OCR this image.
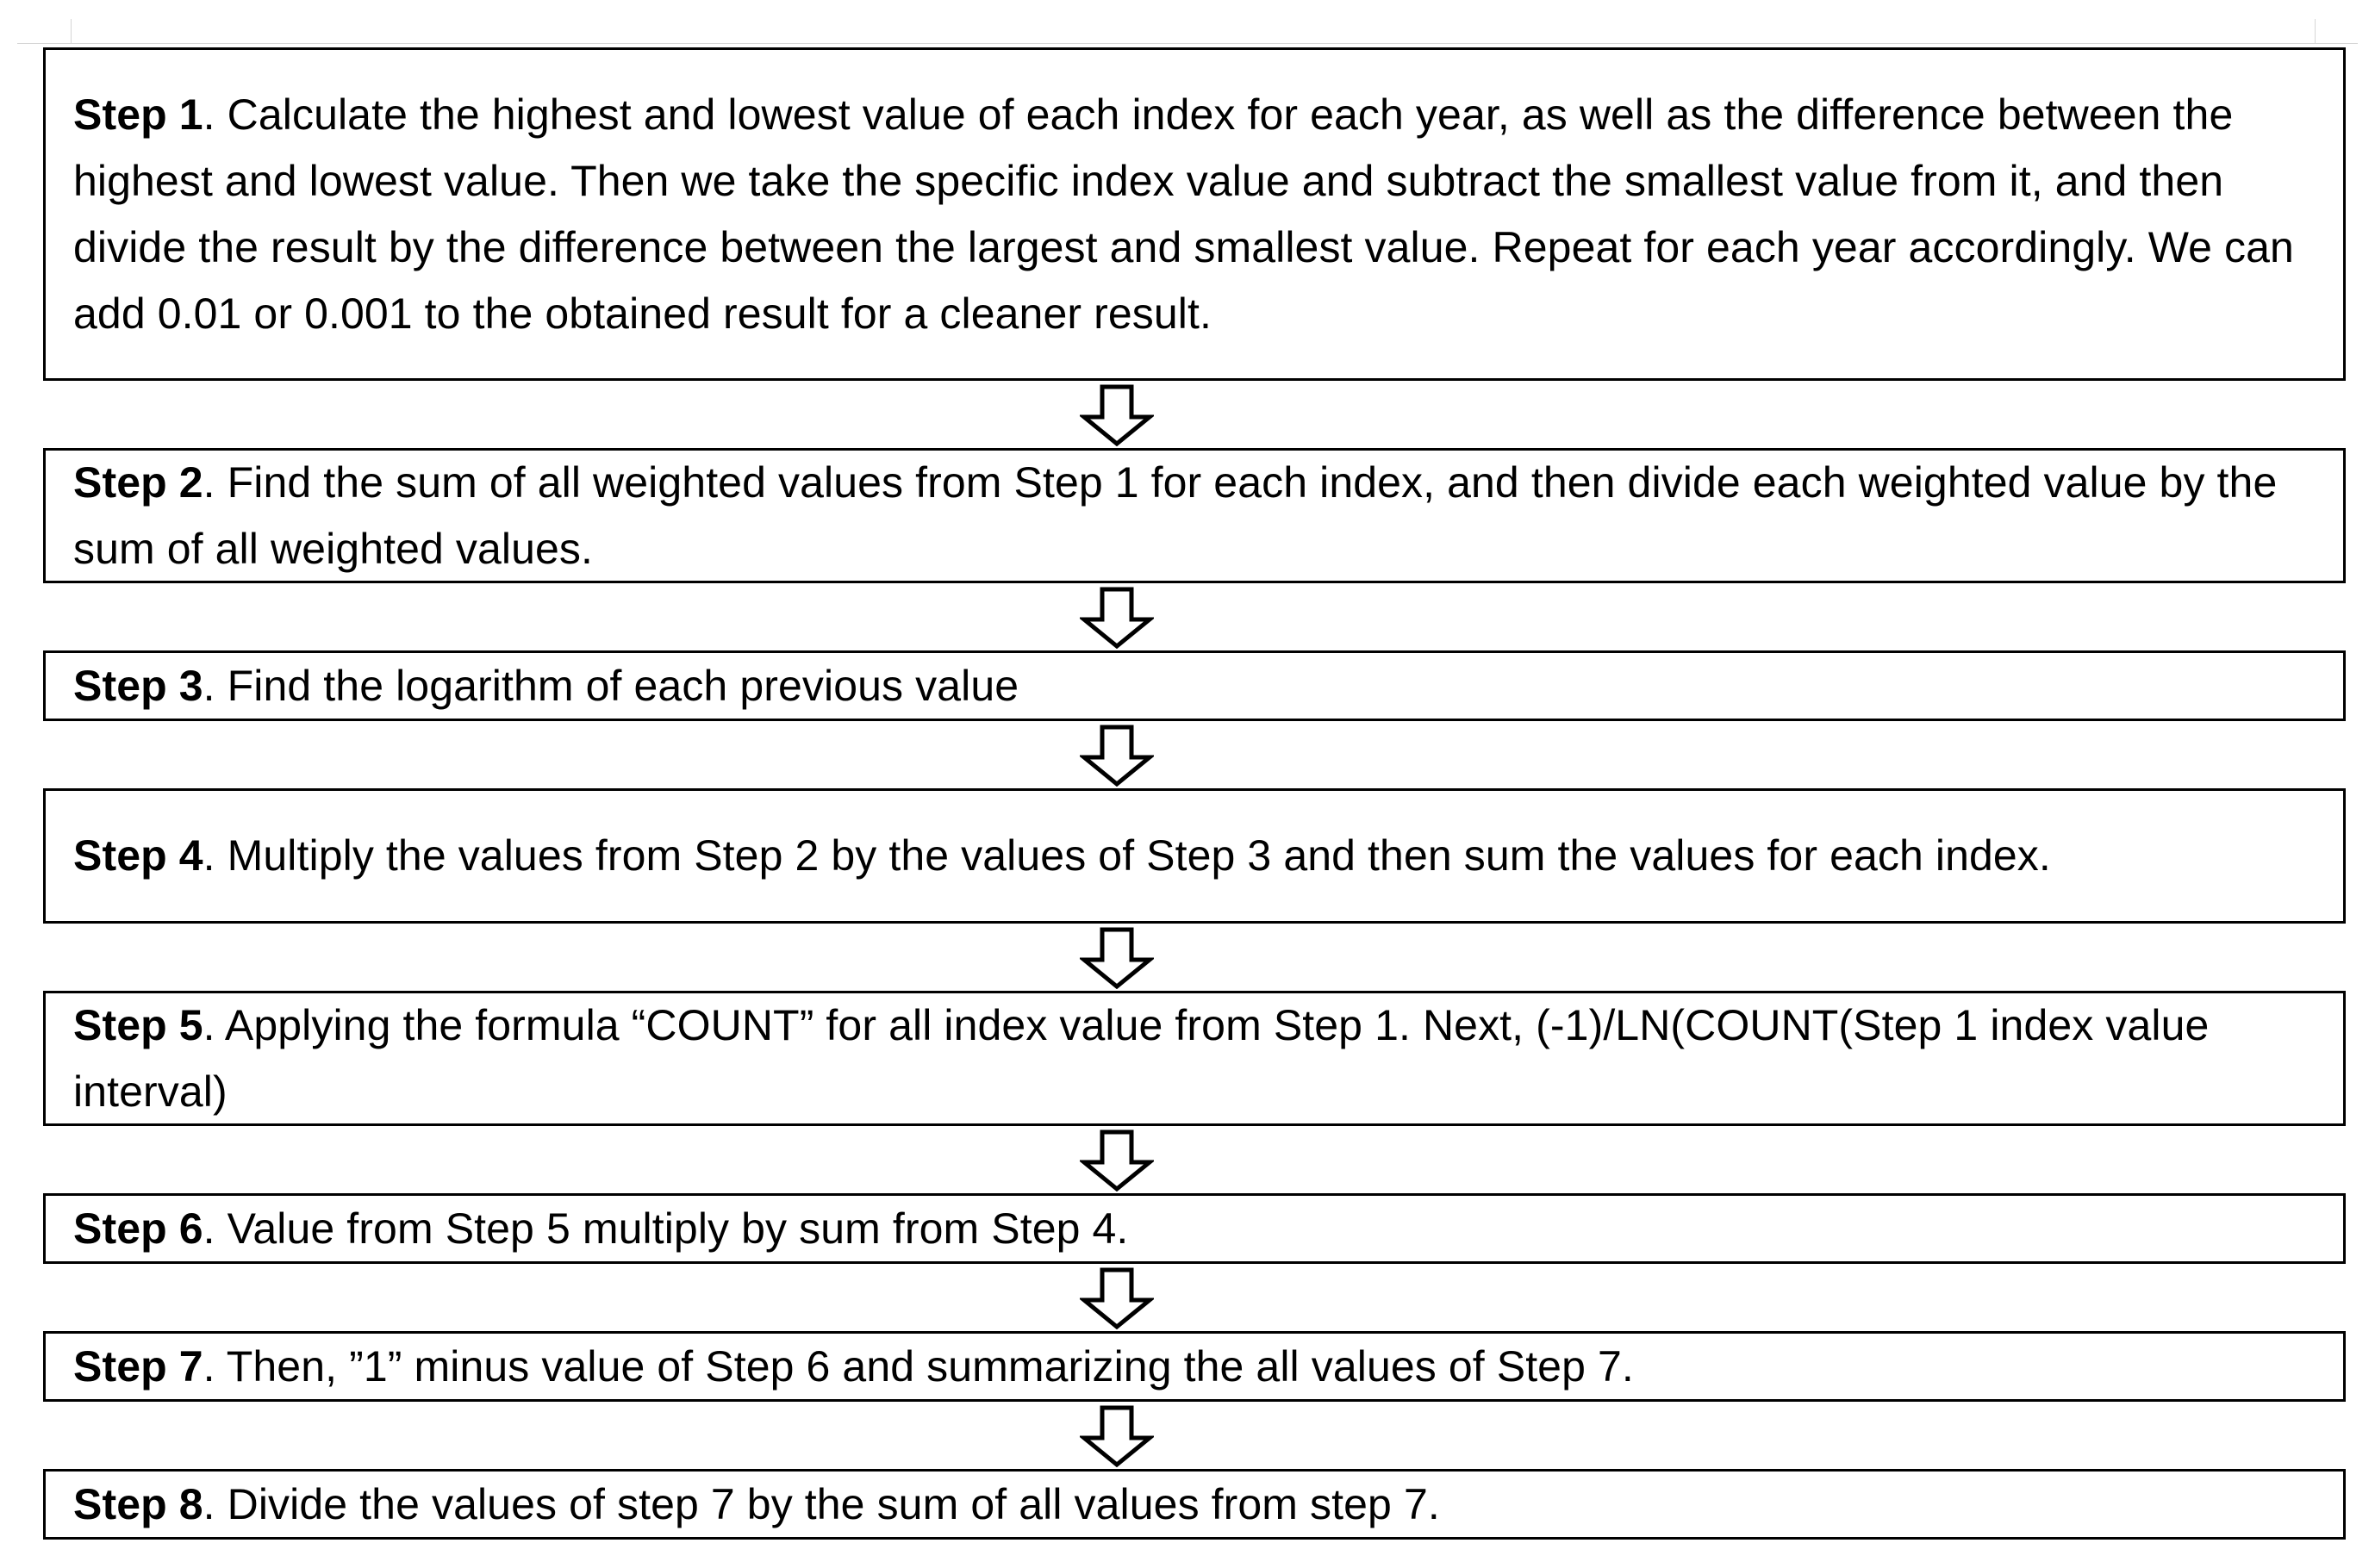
Step 1. Calculate the highest and lowest value of each index for each year, as well as the difference between the highest and lowest value. Then we take the specific index value and subtract the smallest value from it, and then divide the result by the difference between the largest and smallest value. Repeat for each year accordingly. We can add 0.01 or 0.001 to the obtained result for a cleaner result.

Step 2. Find the sum of all weighted values from Step 1 for each index, and then divide each weighted value by the sum of all weighted values.

Step 3. Find the logarithm of each previous value

Step 4. Multiply the values from Step 2 by the values of Step 3 and then sum the values for each index.

Step 5. Applying the formula “COUNT” for all index value from Step 1. Next, (-1)/LN(COUNT(Step 1 index value interval)

Step 6. Value from Step 5 multiply by sum from Step 4.

Step 7. Then, ”1” minus value of Step 6 and summarizing the all values of Step 7.

Step 8. Divide the values of step 7 by the sum of all values from step 7.
